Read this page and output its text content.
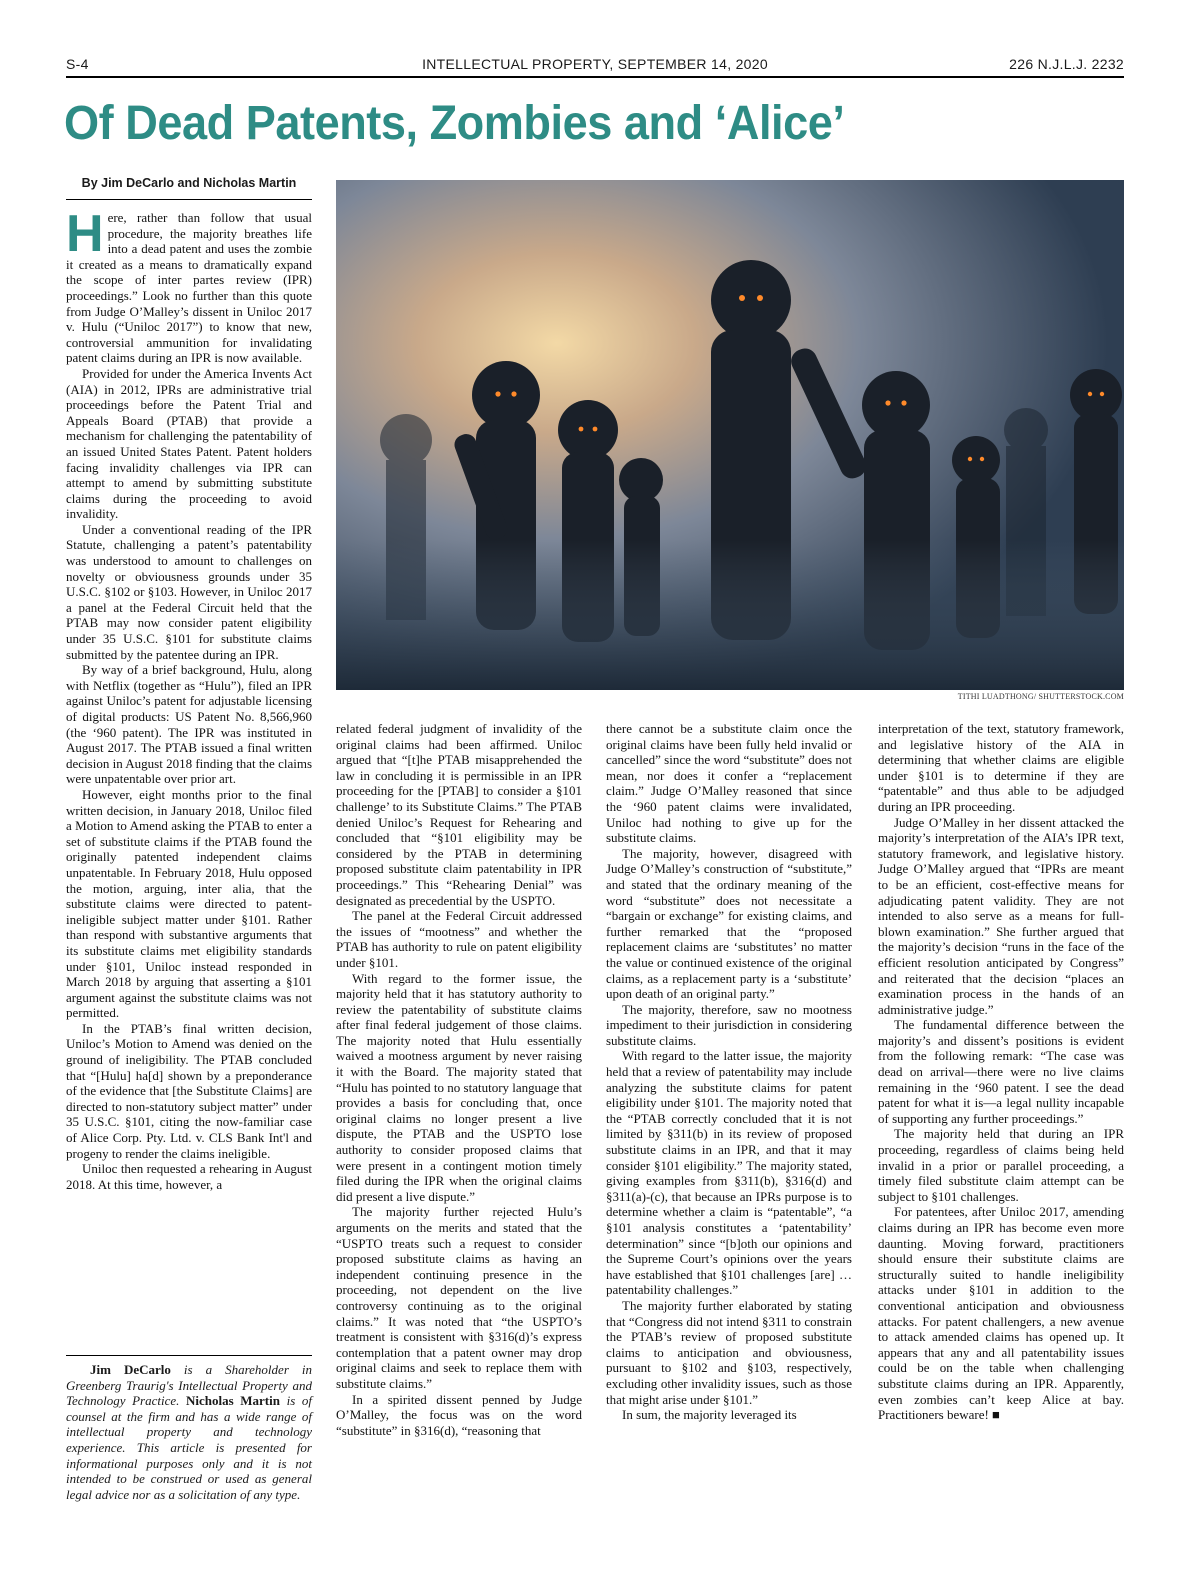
INTELLECTUAL PROPERTY, SEPTEMBER 14, 2020
S-4	226 N.J.L.J. 2232
Of Dead Patents, Zombies and ‘Alice’
By Jim DeCarlo and Nicholas Martin

Here, rather than follow that usual procedure, the majority breathes life into a dead patent and uses the zombie it created as a means to dramatically expand the scope of inter partes review (IPR) proceedings.” Look no further than this quote from Judge O’Malley’s dissent in Uniloc 2017 v. Hulu (“Uniloc 2017”) to know that new, controversial ammunition for invalidating patent claims during an IPR is now available.

Provided for under the America Invents Act (AIA) in 2012, IPRs are administrative trial proceedings before the Patent Trial and Appeals Board (PTAB) that provide a mechanism for challenging the patentability of an issued United States Patent. Patent holders facing invalidity challenges via IPR can attempt to amend by submitting substitute claims during the proceeding to avoid invalidity.

Under a conventional reading of the IPR Statute, challenging a patent’s patentability was understood to amount to challenges on novelty or obviousness grounds under 35 U.S.C. §102 or §103. However, in Uniloc 2017 a panel at the Federal Circuit held that the PTAB may now consider patent eligibility under 35 U.S.C. §101 for substitute claims submitted by the patentee during an IPR.

By way of a brief background, Hulu, along with Netflix (together as “Hulu”), filed an IPR against Uniloc’s patent for adjustable licensing of digital products: US Patent No. 8,566,960 (the ‘960 patent). The IPR was instituted in August 2017. The PTAB issued a final written decision in August 2018 finding that the claims were unpatentable over prior art.

However, eight months prior to the final written decision, in January 2018, Uniloc filed a Motion to Amend asking the PTAB to enter a set of substitute claims if the PTAB found the originally patented independent claims unpatentable. In February 2018, Hulu opposed the motion, arguing, inter alia, that the substitute claims were directed to patent-ineligible subject matter under §101. Rather than respond with substantive arguments that its substitute claims met eligibility standards under §101, Uniloc instead responded in March 2018 by arguing that asserting a §101 argument against the substitute claims was not permitted.

In the PTAB’s final written decision, Uniloc’s Motion to Amend was denied on the ground of ineligibility. The PTAB concluded that “[Hulu] ha[d] shown by a preponderance of the evidence that [the Substitute Claims] are directed to non-statutory subject matter” under 35 U.S.C. §101, citing the now-familiar case of Alice Corp. Pty. Ltd. v. CLS Bank Int'l and progeny to render the claims ineligible.

Uniloc then requested a rehearing in August 2018. At this time, however, a

Jim DeCarlo is a Shareholder in Greenberg Traurig's Intellectual Property and Technology Practice. Nicholas Martin is of counsel at the firm and has a wide range of intellectual property and technology experience. This article is presented for informational purposes only and it is not intended to be construed or used as general legal advice nor as a solicitation of any type.

TITHI LUADTHONG/ SHUTTERSTOCK.COM

related federal judgment of invalidity of the original claims had been affirmed. Uniloc argued that “[t]he PTAB misapprehended the law in concluding it is permissible in an IPR proceeding for the [PTAB] to consider a §101 challenge’ to its Substitute Claims.” The PTAB denied Uniloc’s Request for Rehearing and concluded that “§101 eligibility may be considered by the PTAB in determining proposed substitute claim patentability in IPR proceedings.” This “Rehearing Denial” was designated as precedential by the USPTO.

The panel at the Federal Circuit addressed the issues of “mootness” and whether the PTAB has authority to rule on patent eligibility under §101.

With regard to the former issue, the majority held that it has statutory authority to review the patentability of substitute claims after final federal judgement of those claims. The majority noted that Hulu essentially waived a mootness argument by never raising it with the Board. The majority stated that “Hulu has pointed to no statutory language that provides a basis for concluding that, once original claims no longer present a live dispute, the PTAB and the USPTO lose authority to consider proposed claims that were present in a contingent motion timely filed during the IPR when the original claims did present a live dispute.”

The majority further rejected Hulu’s arguments on the merits and stated that the “USPTO treats such a request to consider proposed substitute claims as having an independent continuing presence in the proceeding, not dependent on the live controversy continuing as to the original claims.” It was noted that “the USPTO’s treatment is consistent with §316(d)’s express contemplation that a patent owner may drop original claims and seek to replace them with substitute claims.”

In a spirited dissent penned by Judge O’Malley, the focus was on the word “substitute” in §316(d), “reasoning that

there cannot be a substitute claim once the original claims have been fully held invalid or cancelled” since the word “substitute” does not mean, nor does it confer a “replacement claim.” Judge O’Malley reasoned that since the ‘960 patent claims were invalidated, Uniloc had nothing to give up for the substitute claims.

The majority, however, disagreed with Judge O’Malley’s construction of “substitute,” and stated that the ordinary meaning of the word “substitute” does not necessitate a “bargain or exchange” for existing claims, and further remarked that the “proposed replacement claims are ‘substitutes’ no matter the value or continued existence of the original claims, as a replacement party is a ‘substitute’ upon death of an original party.”

The majority, therefore, saw no mootness impediment to their jurisdiction in considering substitute claims.

With regard to the latter issue, the majority held that a review of patentability may include analyzing the substitute claims for patent eligibility under §101. The majority noted that the “PTAB correctly concluded that it is not limited by §311(b) in its review of proposed substitute claims in an IPR, and that it may consider §101 eligibility.” The majority stated, giving examples from §311(b), §316(d) and §311(a)-(c), that because an IPRs purpose is to determine whether a claim is “patentable”, “a §101 analysis constitutes a ‘patentability’ determination” since “[b]oth our opinions and the Supreme Court’s opinions over the years have established that §101 challenges [are] … patentability challenges.”

The majority further elaborated by stating that “Congress did not intend §311 to constrain the PTAB’s review of proposed substitute claims to anticipation and obviousness, pursuant to §102 and §103, respectively, excluding other invalidity issues, such as those that might arise under §101.”

In sum, the majority leveraged its

interpretation of the text, statutory framework, and legislative history of the AIA in determining that whether claims are eligible under §101 is to determine if they are “patentable” and thus able to be adjudged during an IPR proceeding.

Judge O’Malley in her dissent attacked the majority’s interpretation of the AIA’s IPR text, statutory framework, and legislative history. Judge O’Malley argued that “IPRs are meant to be an efficient, cost-effective means for adjudicating patent validity. They are not intended to also serve as a means for full-blown examination.” She further argued that the majority’s decision “runs in the face of the efficient resolution anticipated by Congress” and reiterated that the decision “places an examination process in the hands of an administrative judge.”

The fundamental difference between the majority’s and dissent’s positions is evident from the following remark: “The case was dead on arrival—there were no live claims remaining in the ‘960 patent. I see the dead patent for what it is—a legal nullity incapable of supporting any further proceedings.”

The majority held that during an IPR proceeding, regardless of claims being held invalid in a prior or parallel proceeding, a timely filed substitute claim attempt can be subject to §101 challenges.

For patentees, after Uniloc 2017, amending claims during an IPR has become even more daunting. Moving forward, practitioners should ensure their substitute claims are structurally suited to handle ineligibility attacks under §101 in addition to the conventional anticipation and obviousness attacks. For patent challengers, a new avenue to attack amended claims has opened up. It appears that any and all patentability issues could be on the table when challenging substitute claims during an IPR. Apparently, even zombies can’t keep Alice at bay. Practitioners beware! ■
